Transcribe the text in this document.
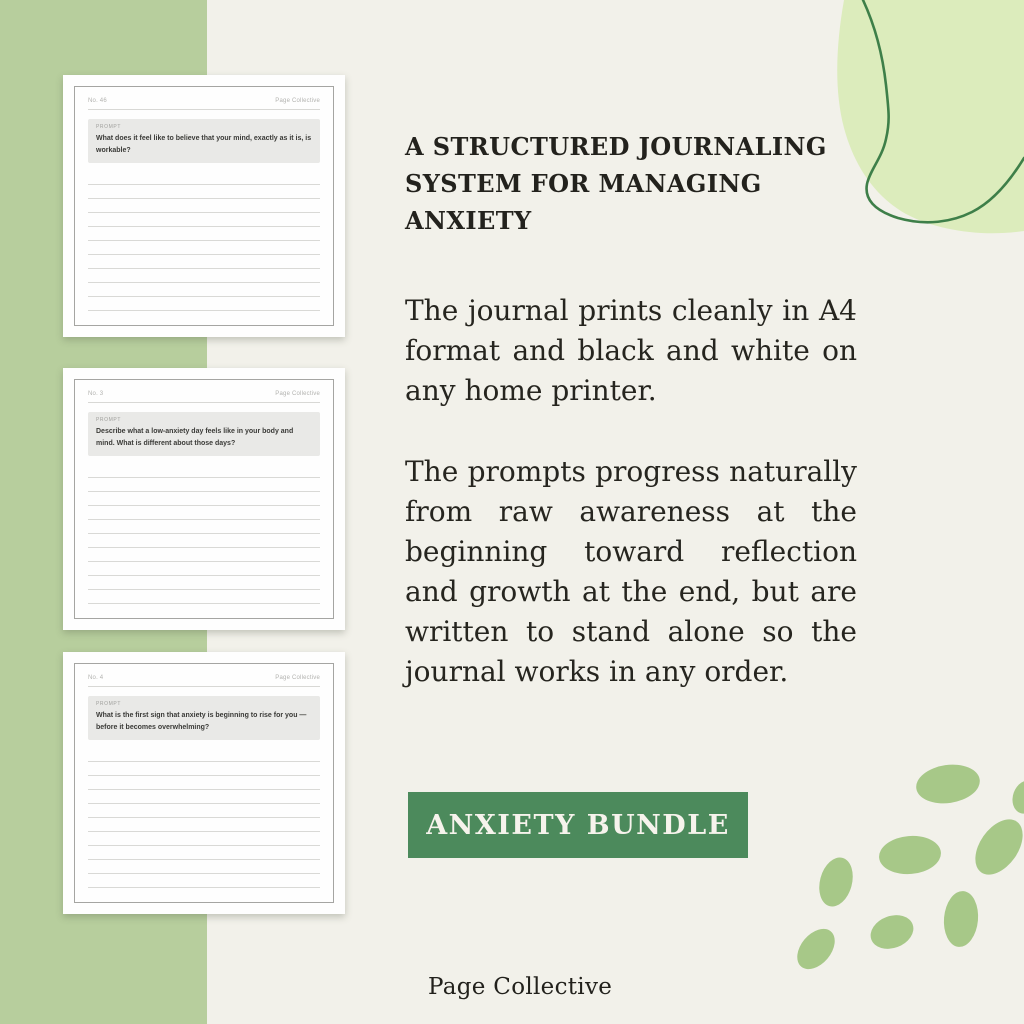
No. 46	Page Collective
PROMPT
What does it feel like to believe that your mind, exactly as it is, is workable?
No. 3	Page Collective
PROMPT
Describe what a low-anxiety day feels like in your body and mind. What is different about those days?
No. 4	Page Collective
PROMPT
What is the first sign that anxiety is beginning to rise for you — before it becomes overwhelming?
A STRUCTURED JOURNALING
SYSTEM FOR MANAGING ANXIETY

The journal prints cleanly in A4 format and black and white on any home printer.

The prompts progress naturally from raw awareness at the beginning toward reflection and growth at the end, but are written to stand alone so the journal works in any order.

ANXIETY BUNDLE
Page Collective
